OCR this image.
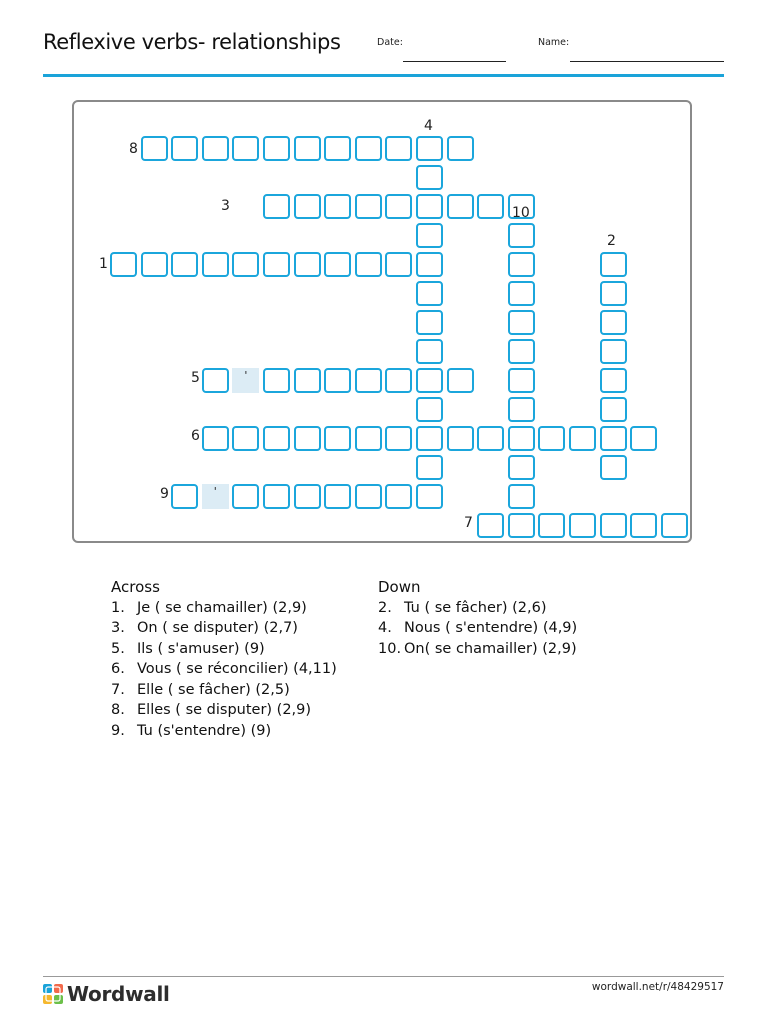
Reflexive verbs- relationships	Date:	Name:
'
'
1
2
3
4
5
6
7
8
9
10
Across
1. Je ( se chamailler) (2,9)
3. On ( se disputer) (2,7)
5. Ils ( s'amuser) (9)
6. Vous ( se réconcilier) (4,11)
7. Elle ( se fâcher) (2,5)
8. Elles ( se disputer) (2,9)
9. Tu (s'entendre) (9)
Down
2. Tu ( se fâcher) (2,6)
4. Nous ( s'entendre) (4,9)
10. On( se chamailler) (2,9)
Wordwall	wordwall.net/r/48429517
